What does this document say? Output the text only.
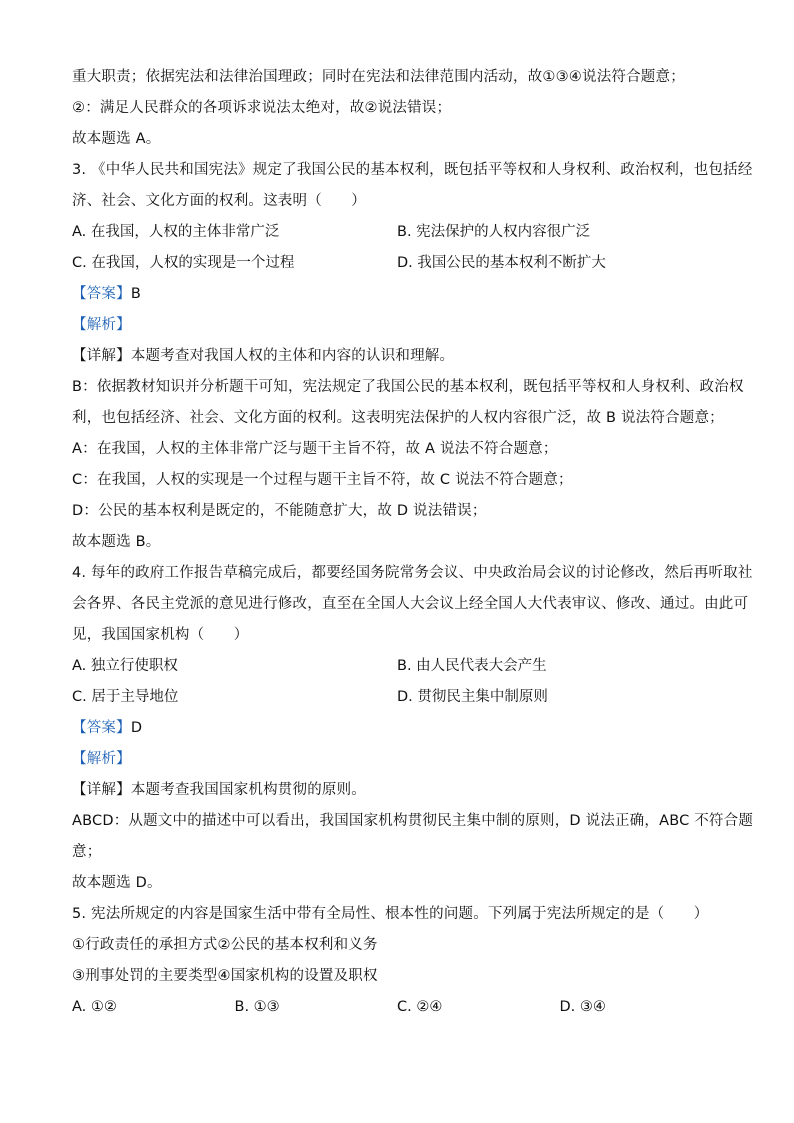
重大职责；依据宪法和法律治国理政；同时在宪法和法律范围内活动，故①③④说法符合题意；
②：满足人民群众的各项诉求说法太绝对，故②说法错误；
故本题选 A。
3. 《中华人民共和国宪法》规定了我国公民的基本权利，既包括平等权和人身权利、政治权利，也包括经
济、社会、文化方面的权利。这表明（　　）
A. 在我国，人权的主体非常广泛	B. 宪法保护的人权内容很广泛
C. 在我国，人权的实现是一个过程	D. 我国公民的基本权利不断扩大
【答案】B
【解析】
【详解】本题考查对我国人权的主体和内容的认识和理解。
B：依据教材知识并分析题干可知，宪法规定了我国公民的基本权利，既包括平等权和人身权利、政治权
利，也包括经济、社会、文化方面的权利。这表明宪法保护的人权内容很广泛，故 B 说法符合题意；
A：在我国，人权的主体非常广泛与题干主旨不符，故 A 说法不符合题意；
C：在我国，人权的实现是一个过程与题干主旨不符，故 C 说法不符合题意；
D：公民的基本权利是既定的，不能随意扩大，故 D 说法错误；
故本题选 B。
4. 每年的政府工作报告草稿完成后，都要经国务院常务会议、中央政治局会议的讨论修改，然后再听取社
会各界、各民主党派的意见进行修改，直至在全国人大会议上经全国人大代表审议、修改、通过。由此可
见，我国国家机构（　　）
A. 独立行使职权	B. 由人民代表大会产生
C. 居于主导地位	D. 贯彻民主集中制原则
【答案】D
【解析】
【详解】本题考查我国国家机构贯彻的原则。
ABCD：从题文中的描述中可以看出，我国国家机构贯彻民主集中制的原则，D 说法正确，ABC 不符合题
意；
故本题选 D。
5. 宪法所规定的内容是国家生活中带有全局性、根本性的问题。下列属于宪法所规定的是（　　）
①行政责任的承担方式②公民的基本权利和义务
③刑事处罚的主要类型④国家机构的设置及职权
A. ①②	B. ①③	C. ②④	D. ③④
